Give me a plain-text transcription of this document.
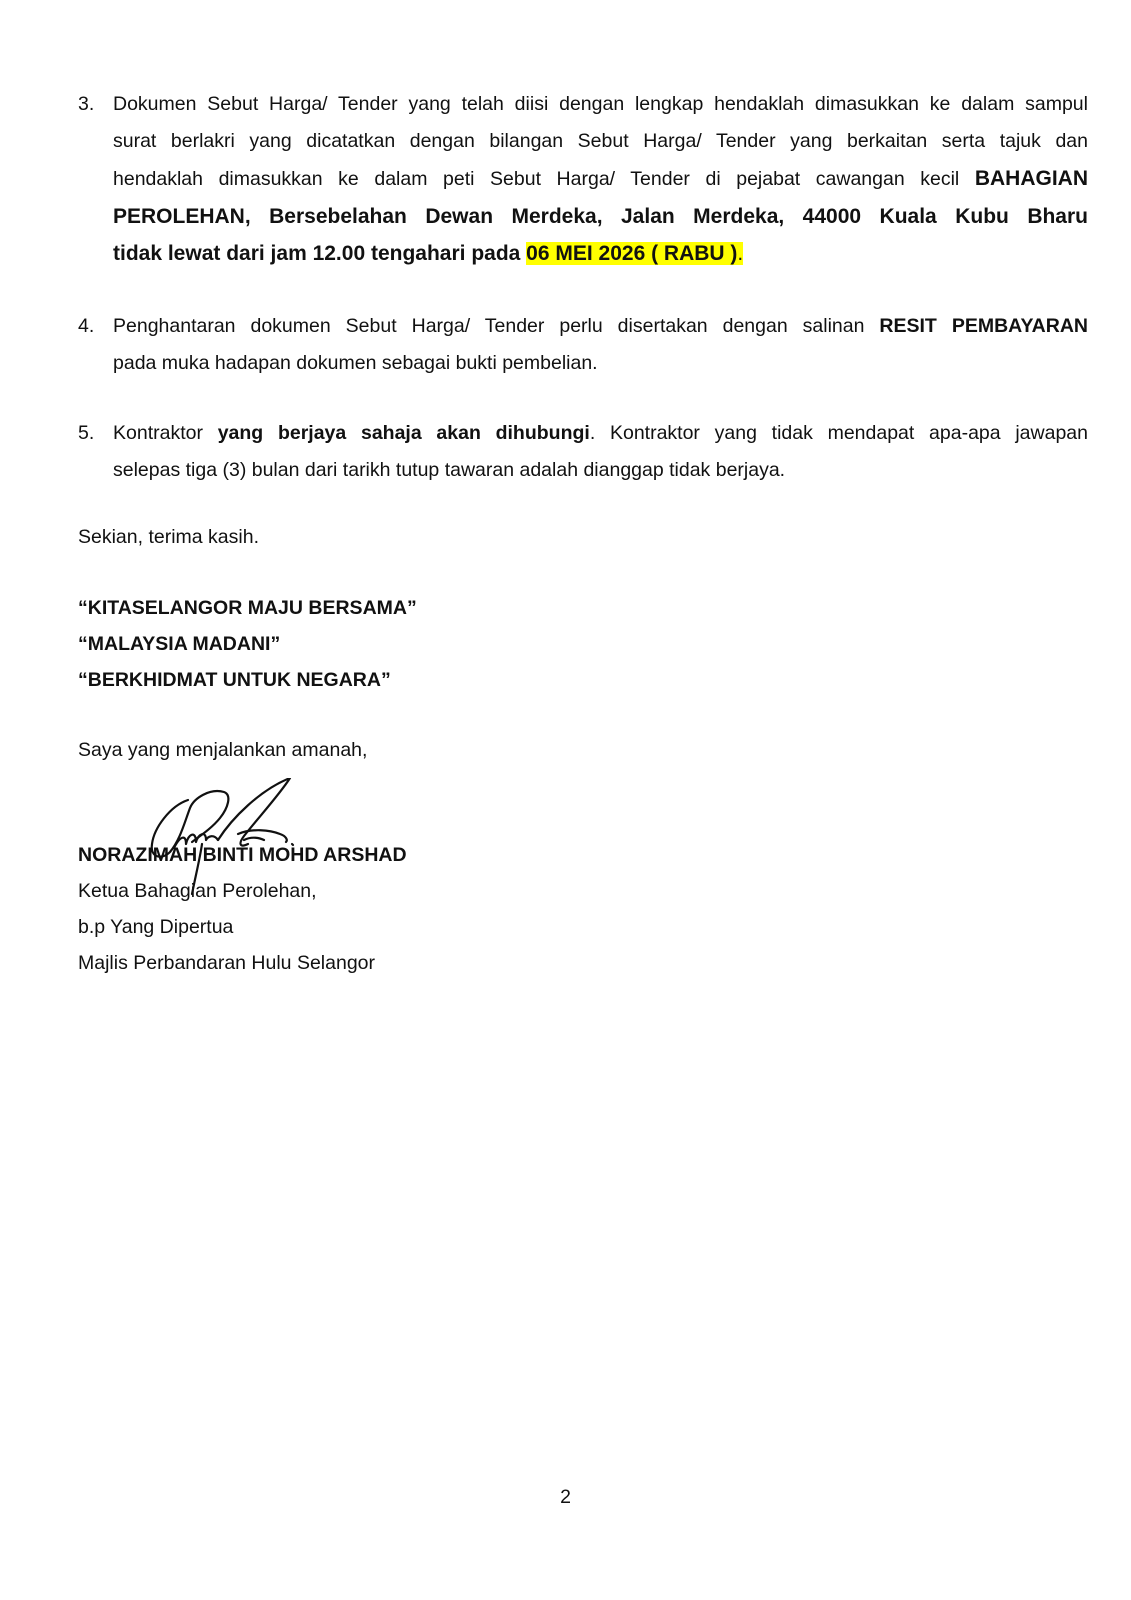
3. Dokumen Sebut Harga/ Tender yang telah diisi dengan lengkap hendaklah dimasukkan ke dalam sampul
surat berlakri yang dicatatkan dengan bilangan Sebut Harga/ Tender yang berkaitan serta tajuk dan
hendaklah dimasukkan ke dalam peti Sebut Harga/ Tender di pejabat cawangan kecil BAHAGIAN
PEROLEHAN, Bersebelahan Dewan Merdeka, Jalan Merdeka, 44000 Kuala Kubu Bharu
tidak lewat dari jam 12.00 tengahari pada 06 MEI 2026 ( RABU ).
4. Penghantaran dokumen Sebut Harga/ Tender perlu disertakan dengan salinan RESIT PEMBAYARAN
pada muka hadapan dokumen sebagai bukti pembelian.
5. Kontraktor yang berjaya sahaja akan dihubungi. Kontraktor yang tidak mendapat apa-apa jawapan
selepas tiga (3) bulan dari tarikh tutup tawaran adalah dianggap tidak berjaya.
Sekian, terima kasih.
“KITASELANGOR MAJU BERSAMA”
“MALAYSIA MADANI”
“BERKHIDMAT UNTUK NEGARA”
Saya yang menjalankan amanah,
NORAZIMAH BINTI MOHD ARSHAD
Ketua Bahagian Perolehan,
b.p Yang Dipertua
Majlis Perbandaran Hulu Selangor
2
